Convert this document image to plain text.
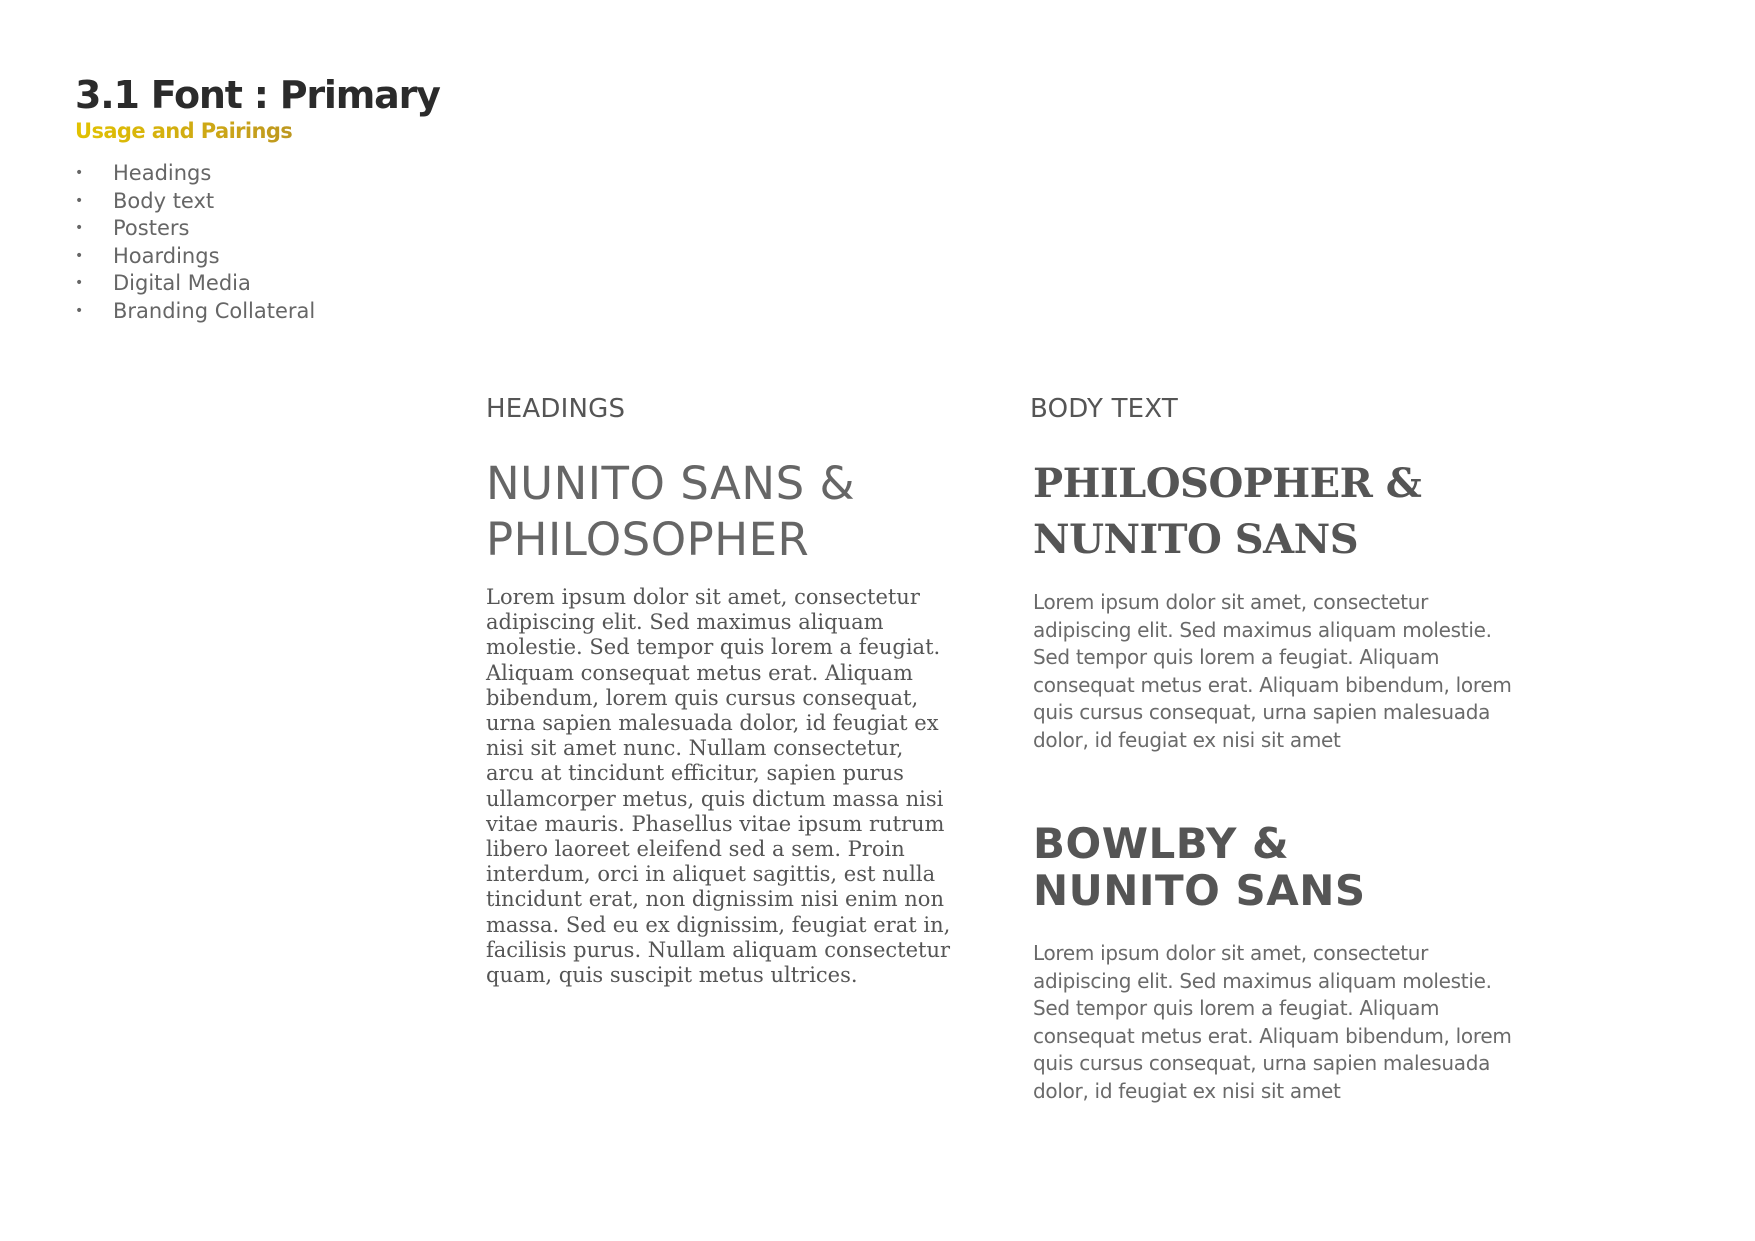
3.1 Font : Primary
Usage and Pairings
• Headings
• Body text
• Posters
• Hoardings
• Digital Media
• Branding Collateral

HEADINGS

NUNITO SANS &
PHILOSOPHER

Lorem ipsum dolor sit amet, consectetur adipiscing elit. Sed maximus aliquam molestie. Sed tempor quis lorem a feugiat. Aliquam consequat metus erat. Aliquam bibendum, lorem quis cursus consequat, urna sapien malesuada dolor, id feugiat ex nisi sit amet nunc. Nullam consectetur, arcu at tincidunt efficitur, sapien purus ullamcorper metus, quis dictum massa nisi vitae mauris. Phasellus vitae ipsum rutrum libero laoreet eleifend sed a sem. Proin interdum, orci in aliquet sagittis, est nulla tincidunt erat, non dignissim nisi enim non massa. Sed eu ex dignissim, feugiat erat in, facilisis purus. Nullam aliquam consectetur quam, quis suscipit metus ultrices.

BODY TEXT

PHILOSOPHER &
NUNITO SANS

Lorem ipsum dolor sit amet, consectetur adipiscing elit. Sed maximus aliquam molestie. Sed tempor quis lorem a feugiat. Aliquam consequat metus erat. Aliquam bibendum, lorem quis cursus consequat, urna sapien malesuada dolor, id feugiat ex nisi sit amet

BOWLBY &
NUNITO SANS

Lorem ipsum dolor sit amet, consectetur adipiscing elit. Sed maximus aliquam molestie. Sed tempor quis lorem a feugiat. Aliquam consequat metus erat. Aliquam bibendum, lorem quis cursus consequat, urna sapien malesuada dolor, id feugiat ex nisi sit amet
